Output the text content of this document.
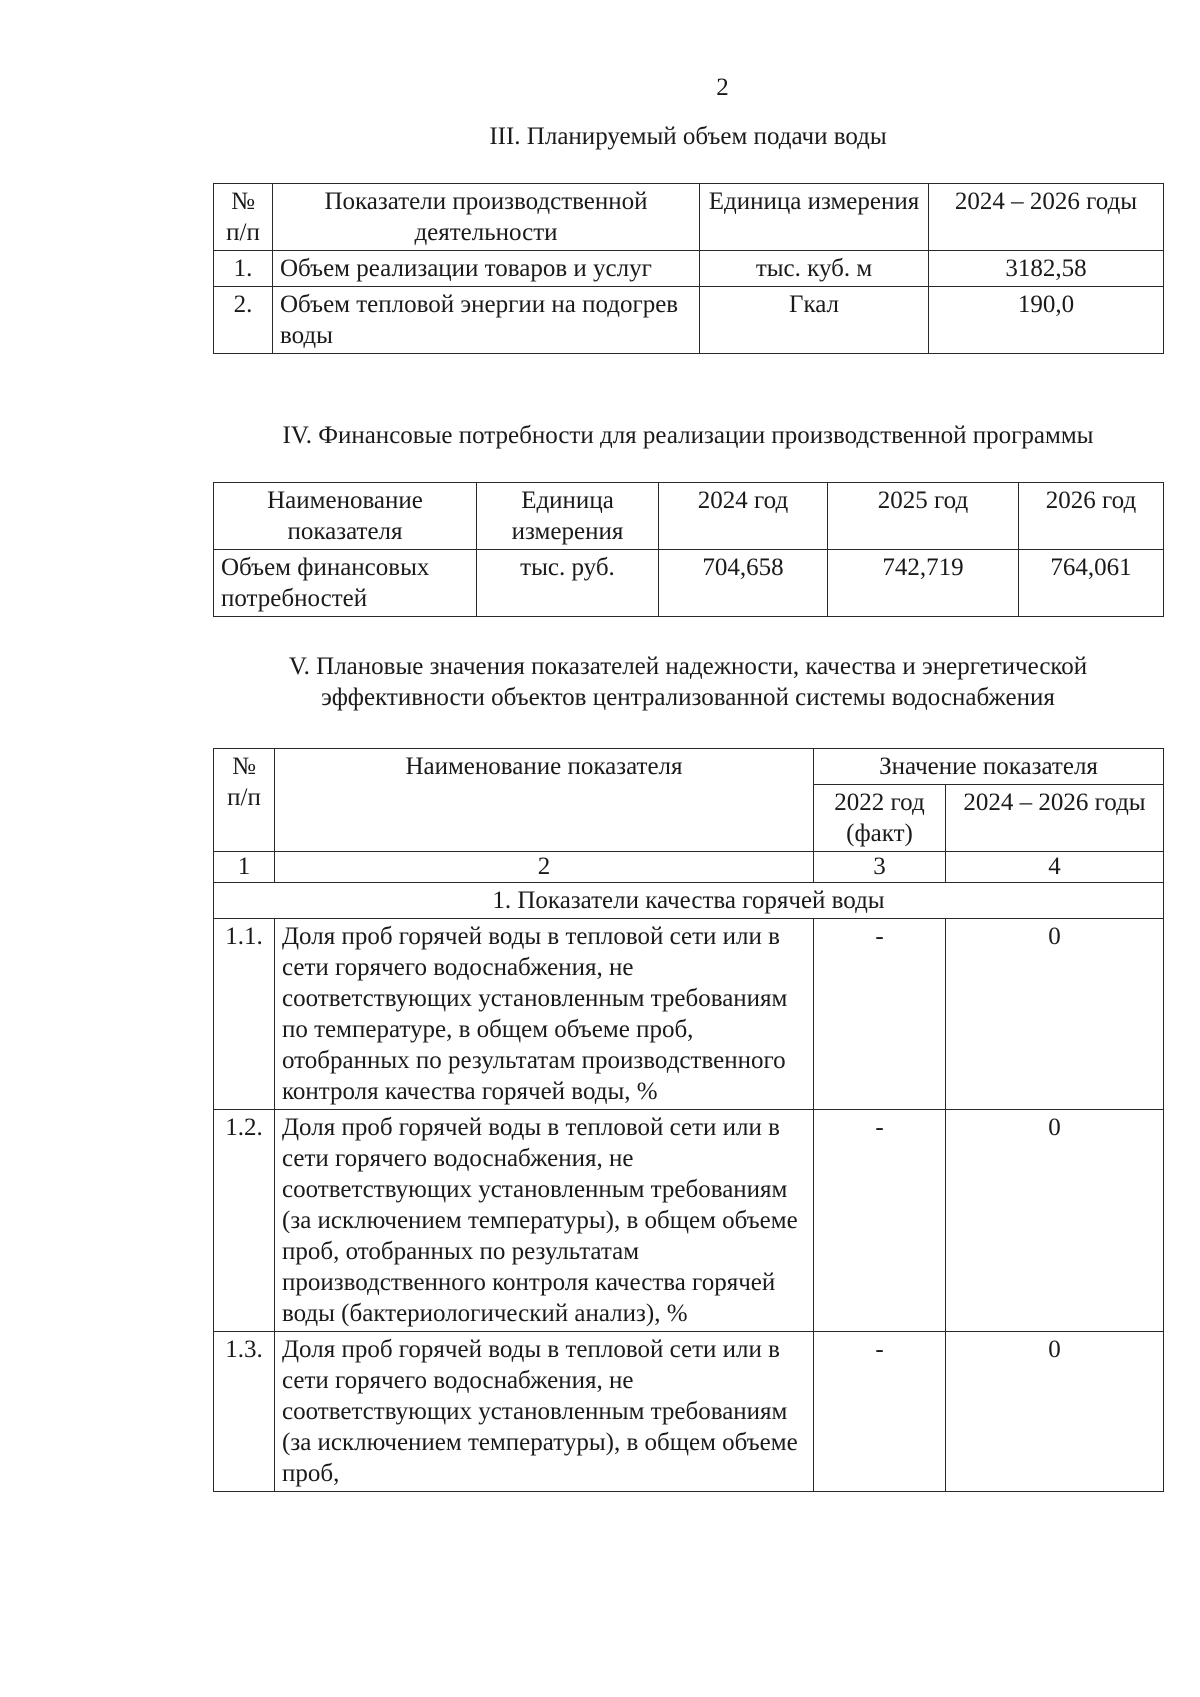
2
III. Планируемый объем подачи воды
№ п/п	Показатели производственной деятельности	Единица измерения	2024 – 2026 годы
1.	Объем реализации товаров и услуг	тыс. куб. м	3182,58
2.	Объем тепловой энергии на подогрев воды	Гкал	190,0
IV. Финансовые потребности для реализации производственной программы
Наименование показателя	Единица измерения	2024 год	2025 год	2026 год
Объем финансовых потребностей	тыс. руб.	704,658	742,719	764,061
V. Плановые значения показателей надежности, качества и энергетической эффективности объектов централизованной системы водоснабжения
№ п/п	Наименование показателя	Значение показателя	
		2022 год (факт)	2024 – 2026 годы
1	2	3	4
1. Показатели качества горячей воды			
1.1.	Доля проб горячей воды в тепловой сети или в сети горячего водоснабжения, не соответствующих установленным требованиям по температуре, в общем объеме проб, отобранных по результатам производственного контроля качества горячей воды, %	-	0
1.2.	Доля проб горячей воды в тепловой сети или в сети горячего водоснабжения, не соответствующих установленным требованиям (за исключением температуры), в общем объеме проб, отобранных по результатам производственного контроля качества горячей воды (бактериологический анализ), %	-	0
1.3.	Доля проб горячей воды в тепловой сети или в сети горячего водоснабжения, не соответствующих установленным требованиям (за исключением температуры), в общем объеме проб,	-	0
